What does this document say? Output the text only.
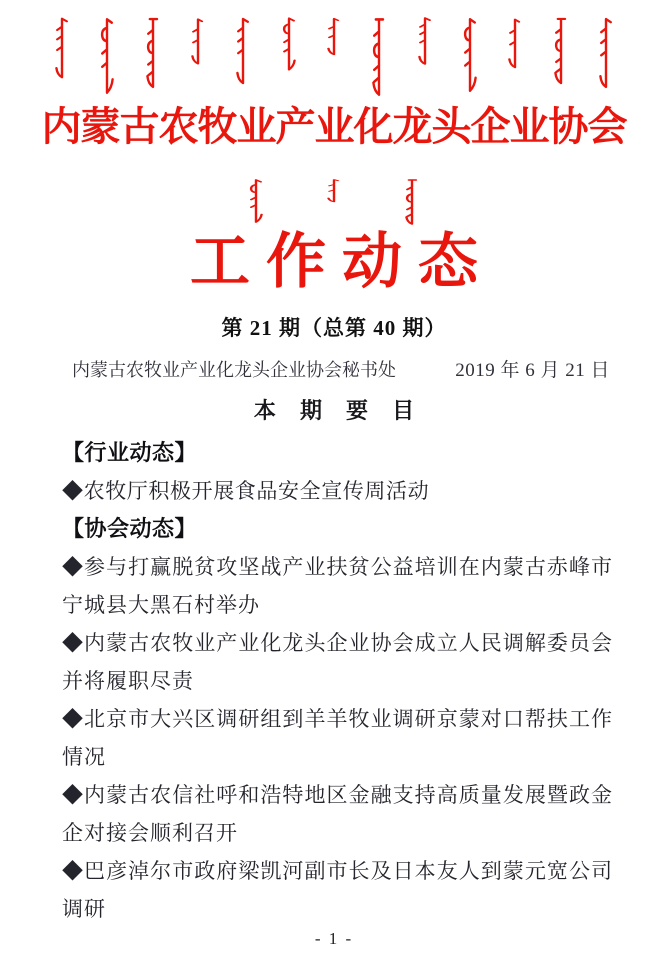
内蒙古农牧业产业化龙头企业协会
工作动态
第 21 期（总第 40 期）
内蒙古农牧业产业化龙头企业协会秘书处	2019 年 6 月 21 日
本 期 要 目
【行业动态】
◆农牧厅积极开展食品安全宣传周活动
【协会动态】
◆参与打赢脱贫攻坚战产业扶贫公益培训在内蒙古赤峰市
宁城县大黑石村举办
◆内蒙古农牧业产业化龙头企业协会成立人民调解委员会
并将履职尽责
◆北京市大兴区调研组到羊羊牧业调研京蒙对口帮扶工作
情况
◆内蒙古农信社呼和浩特地区金融支持高质量发展暨政金
企对接会顺利召开
◆巴彦淖尔市政府梁凯河副市长及日本友人到蒙元宽公司
调研
- 1 -
